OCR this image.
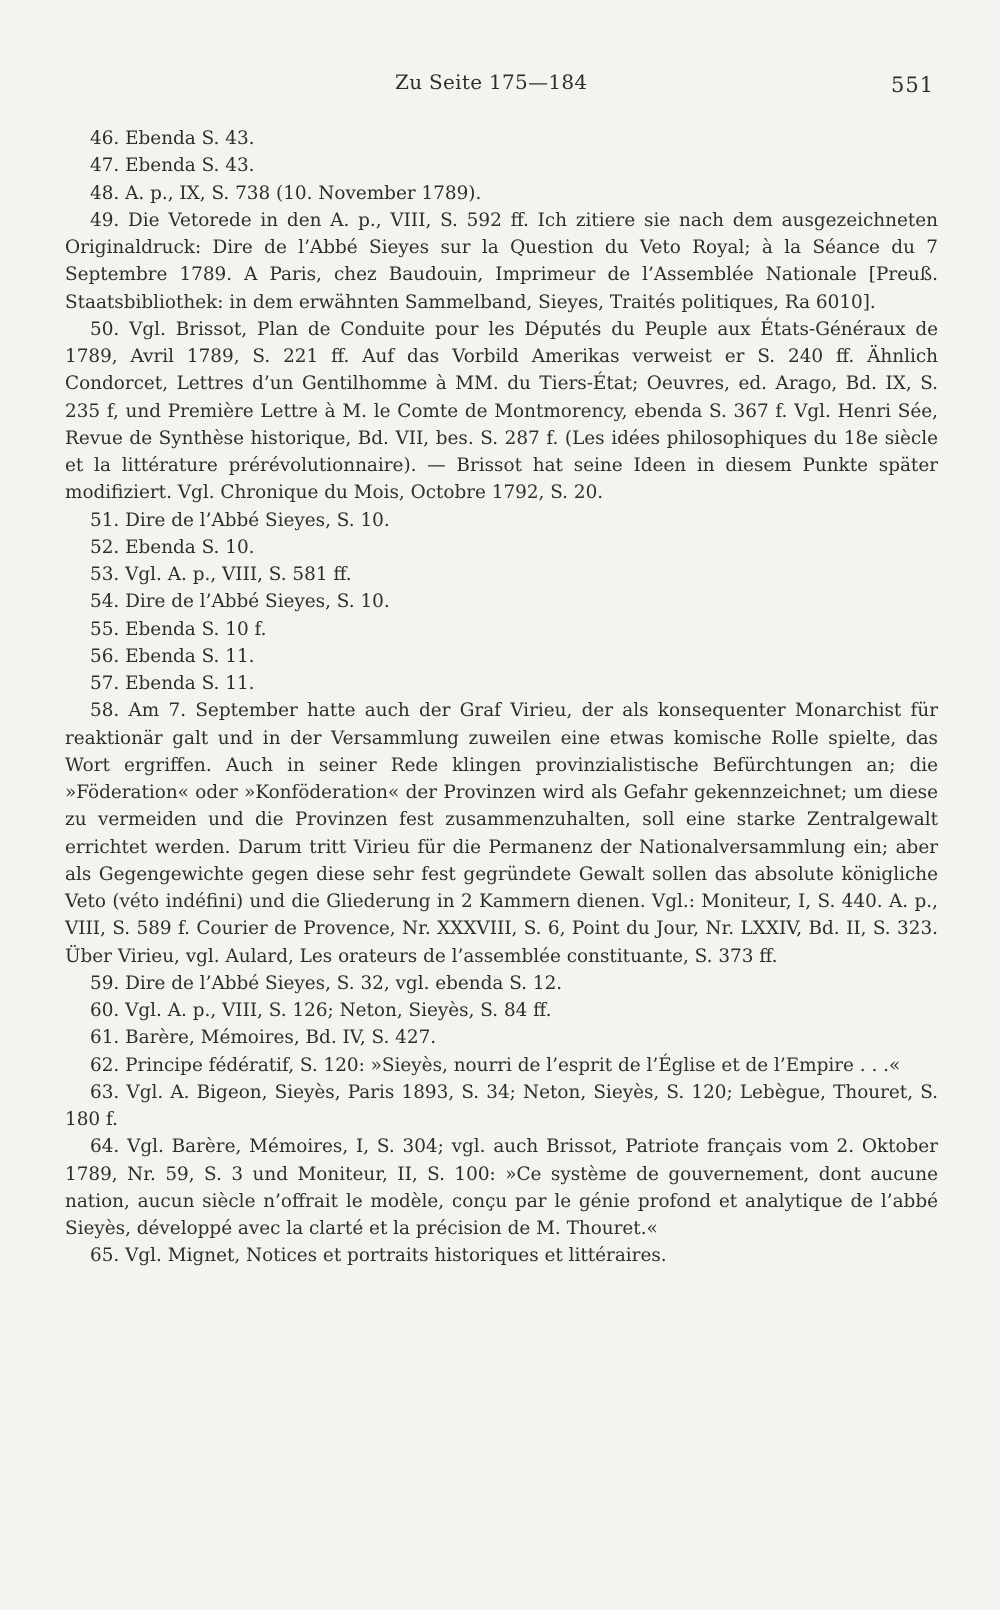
Zu Seite 175—184	551

46. Ebenda S. 43.

47. Ebenda S. 43.

48. A. p., IX, S. 738 (10. November 1789).

49. Die Vetorede in den A. p., VIII, S. 592 ff. Ich zitiere sie nach dem ausgezeichneten Originaldruck: Dire de l’Abbé Sieyes sur la Question du Veto Royal; à la Séance du 7 Septembre 1789. A Paris, chez Baudouin, Imprimeur de l’Assemblée Nationale [Preuß. Staatsbibliothek: in dem erwähnten Sammelband, Sieyes, Traités politiques, Ra 6010].

50. Vgl. Brissot, Plan de Conduite pour les Députés du Peuple aux États-Généraux de 1789, Avril 1789, S. 221 ff. Auf das Vorbild Amerikas verweist er S. 240 ff. Ähnlich Condorcet, Lettres d’un Gentilhomme à MM. du Tiers-État; Oeuvres, ed. Arago, Bd. IX, S. 235 f, und Première Lettre à M. le Comte de Montmorency, ebenda S. 367 f. Vgl. Henri Sée, Revue de Synthèse historique, Bd. VII, bes. S. 287 f. (Les idées philosophiques du 18e siècle et la littérature prérévolutionnaire). — Brissot hat seine Ideen in diesem Punkte später modifiziert. Vgl. Chronique du Mois, Octobre 1792, S. 20.

51. Dire de l’Abbé Sieyes, S. 10.

52. Ebenda S. 10.

53. Vgl. A. p., VIII, S. 581 ff.

54. Dire de l’Abbé Sieyes, S. 10.

55. Ebenda S. 10 f.

56. Ebenda S. 11.

57. Ebenda S. 11.

58. Am 7. September hatte auch der Graf Virieu, der als konsequenter Monarchist für reaktionär galt und in der Versammlung zuweilen eine etwas komische Rolle spielte, das Wort ergriffen. Auch in seiner Rede klingen provinzialistische Befürchtungen an; die »Föderation« oder »Konföderation« der Provinzen wird als Gefahr gekennzeichnet; um diese zu vermeiden und die Provinzen fest zusammenzuhalten, soll eine starke Zentralgewalt errichtet werden. Darum tritt Virieu für die Permanenz der Nationalversammlung ein; aber als Gegengewichte gegen diese sehr fest gegründete Gewalt sollen das absolute königliche Veto (véto indéfini) und die Gliederung in 2 Kammern dienen. Vgl.: Moniteur, I, S. 440. A. p., VIII, S. 589 f. Courier de Provence, Nr. XXXVIII, S. 6, Point du Jour, Nr. LXXIV, Bd. II, S. 323. Über Virieu, vgl. Aulard, Les orateurs de l’assemblée constituante, S. 373 ff.

59. Dire de l’Abbé Sieyes, S. 32, vgl. ebenda S. 12.

60. Vgl. A. p., VIII, S. 126; Neton, Sieyès, S. 84 ff.

61. Barère, Mémoires, Bd. IV, S. 427.

62. Principe fédératif, S. 120: »Sieyès, nourri de l’esprit de l’Église et de l’Empire . . .«

63. Vgl. A. Bigeon, Sieyès, Paris 1893, S. 34; Neton, Sieyès, S. 120; Lebègue, Thouret, S. 180 f.

64. Vgl. Barère, Mémoires, I, S. 304; vgl. auch Brissot, Patriote français vom 2. Oktober 1789, Nr. 59, S. 3 und Moniteur, II, S. 100: »Ce système de gouvernement, dont aucune nation, aucun siècle n’offrait le modèle, conçu par le génie profond et analytique de l’abbé Sieyès, développé avec la clarté et la précision de M. Thouret.«

65. Vgl. Mignet, Notices et portraits historiques et littéraires.
